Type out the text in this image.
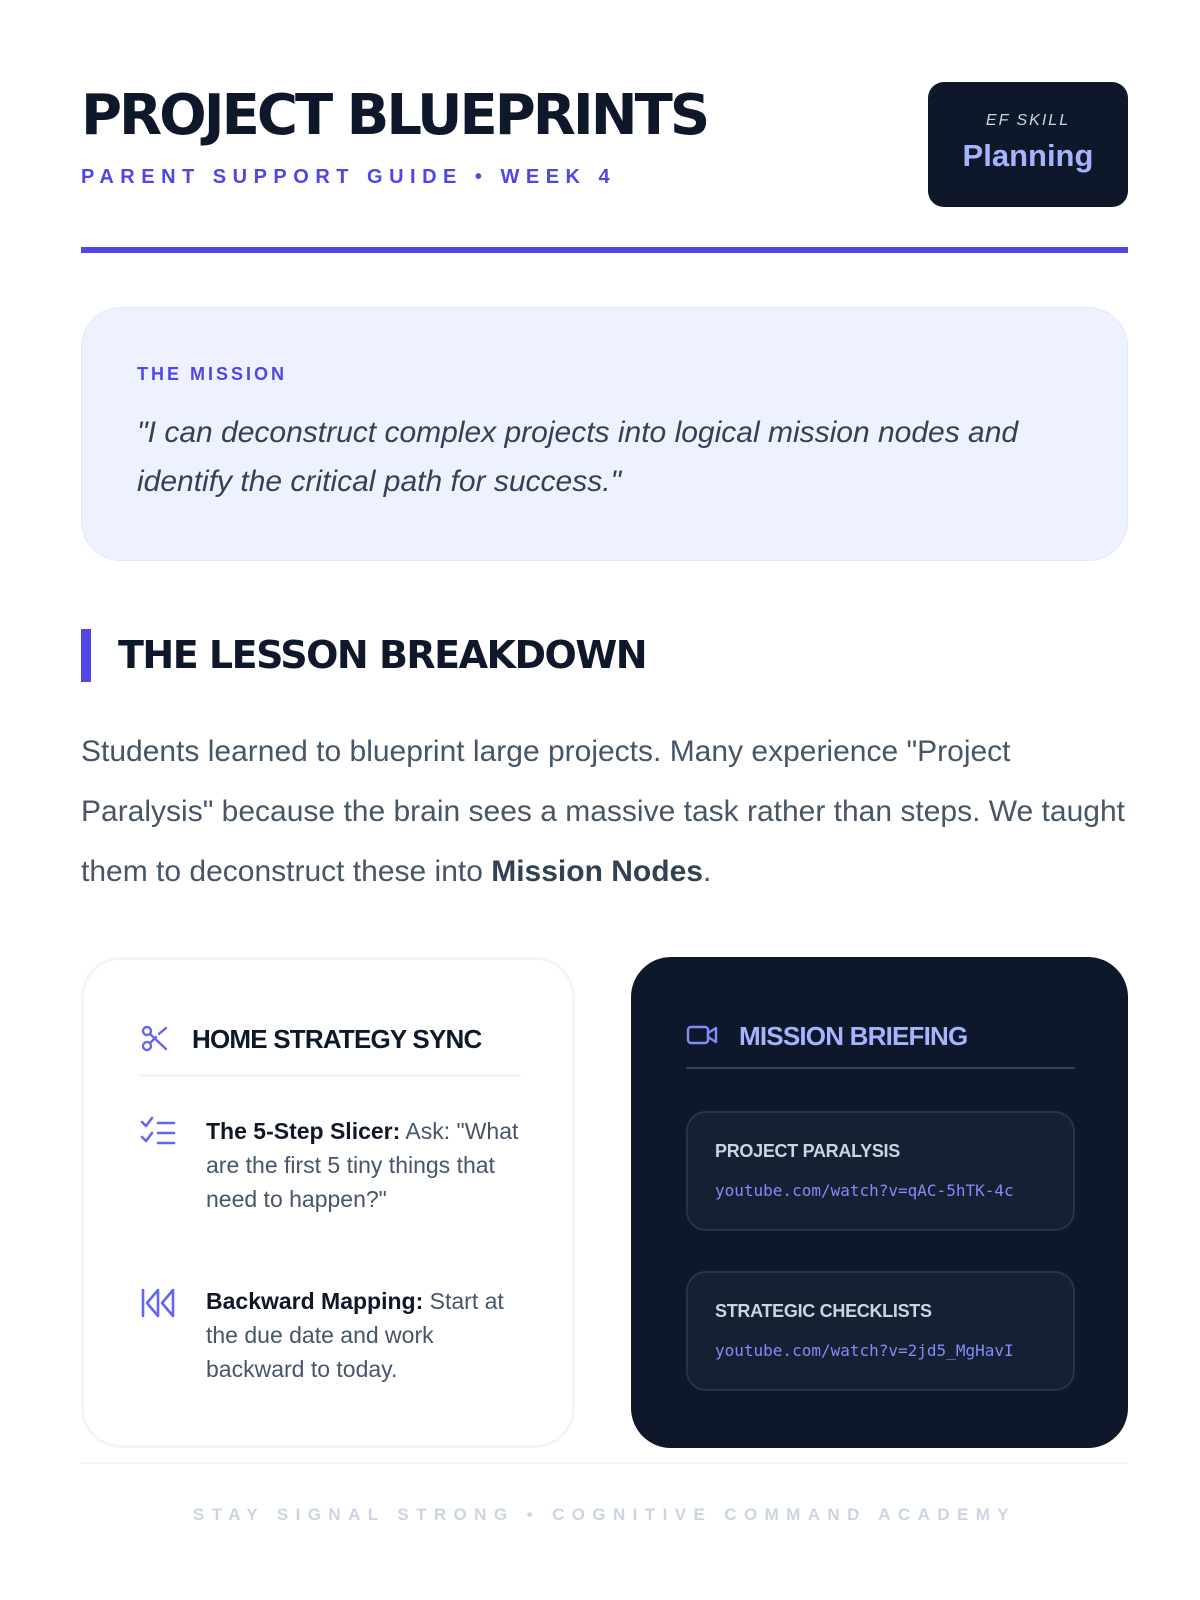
PROJECT BLUEPRINTS
PARENT SUPPORT GUIDE • WEEK 4
EF SKILL
Planning
THE MISSION
"I can deconstruct complex projects into logical mission nodes and identify the critical path for success."
THE LESSON BREAKDOWN
Students learned to blueprint large projects. Many experience "Project Paralysis" because the brain sees a massive task rather than steps. We taught them to deconstruct these into Mission Nodes.
HOME STRATEGY SYNC
The 5-Step Slicer: Ask: "What are the first 5 tiny things that need to happen?"
Backward Mapping: Start at the due date and work backward to today.
MISSION BRIEFING
PROJECT PARALYSIS
youtube.com/watch?v=qAC-5hTK-4c
STRATEGIC CHECKLISTS
youtube.com/watch?v=2jd5_MgHavI
STAY SIGNAL STRONG • COGNITIVE COMMAND ACADEMY
